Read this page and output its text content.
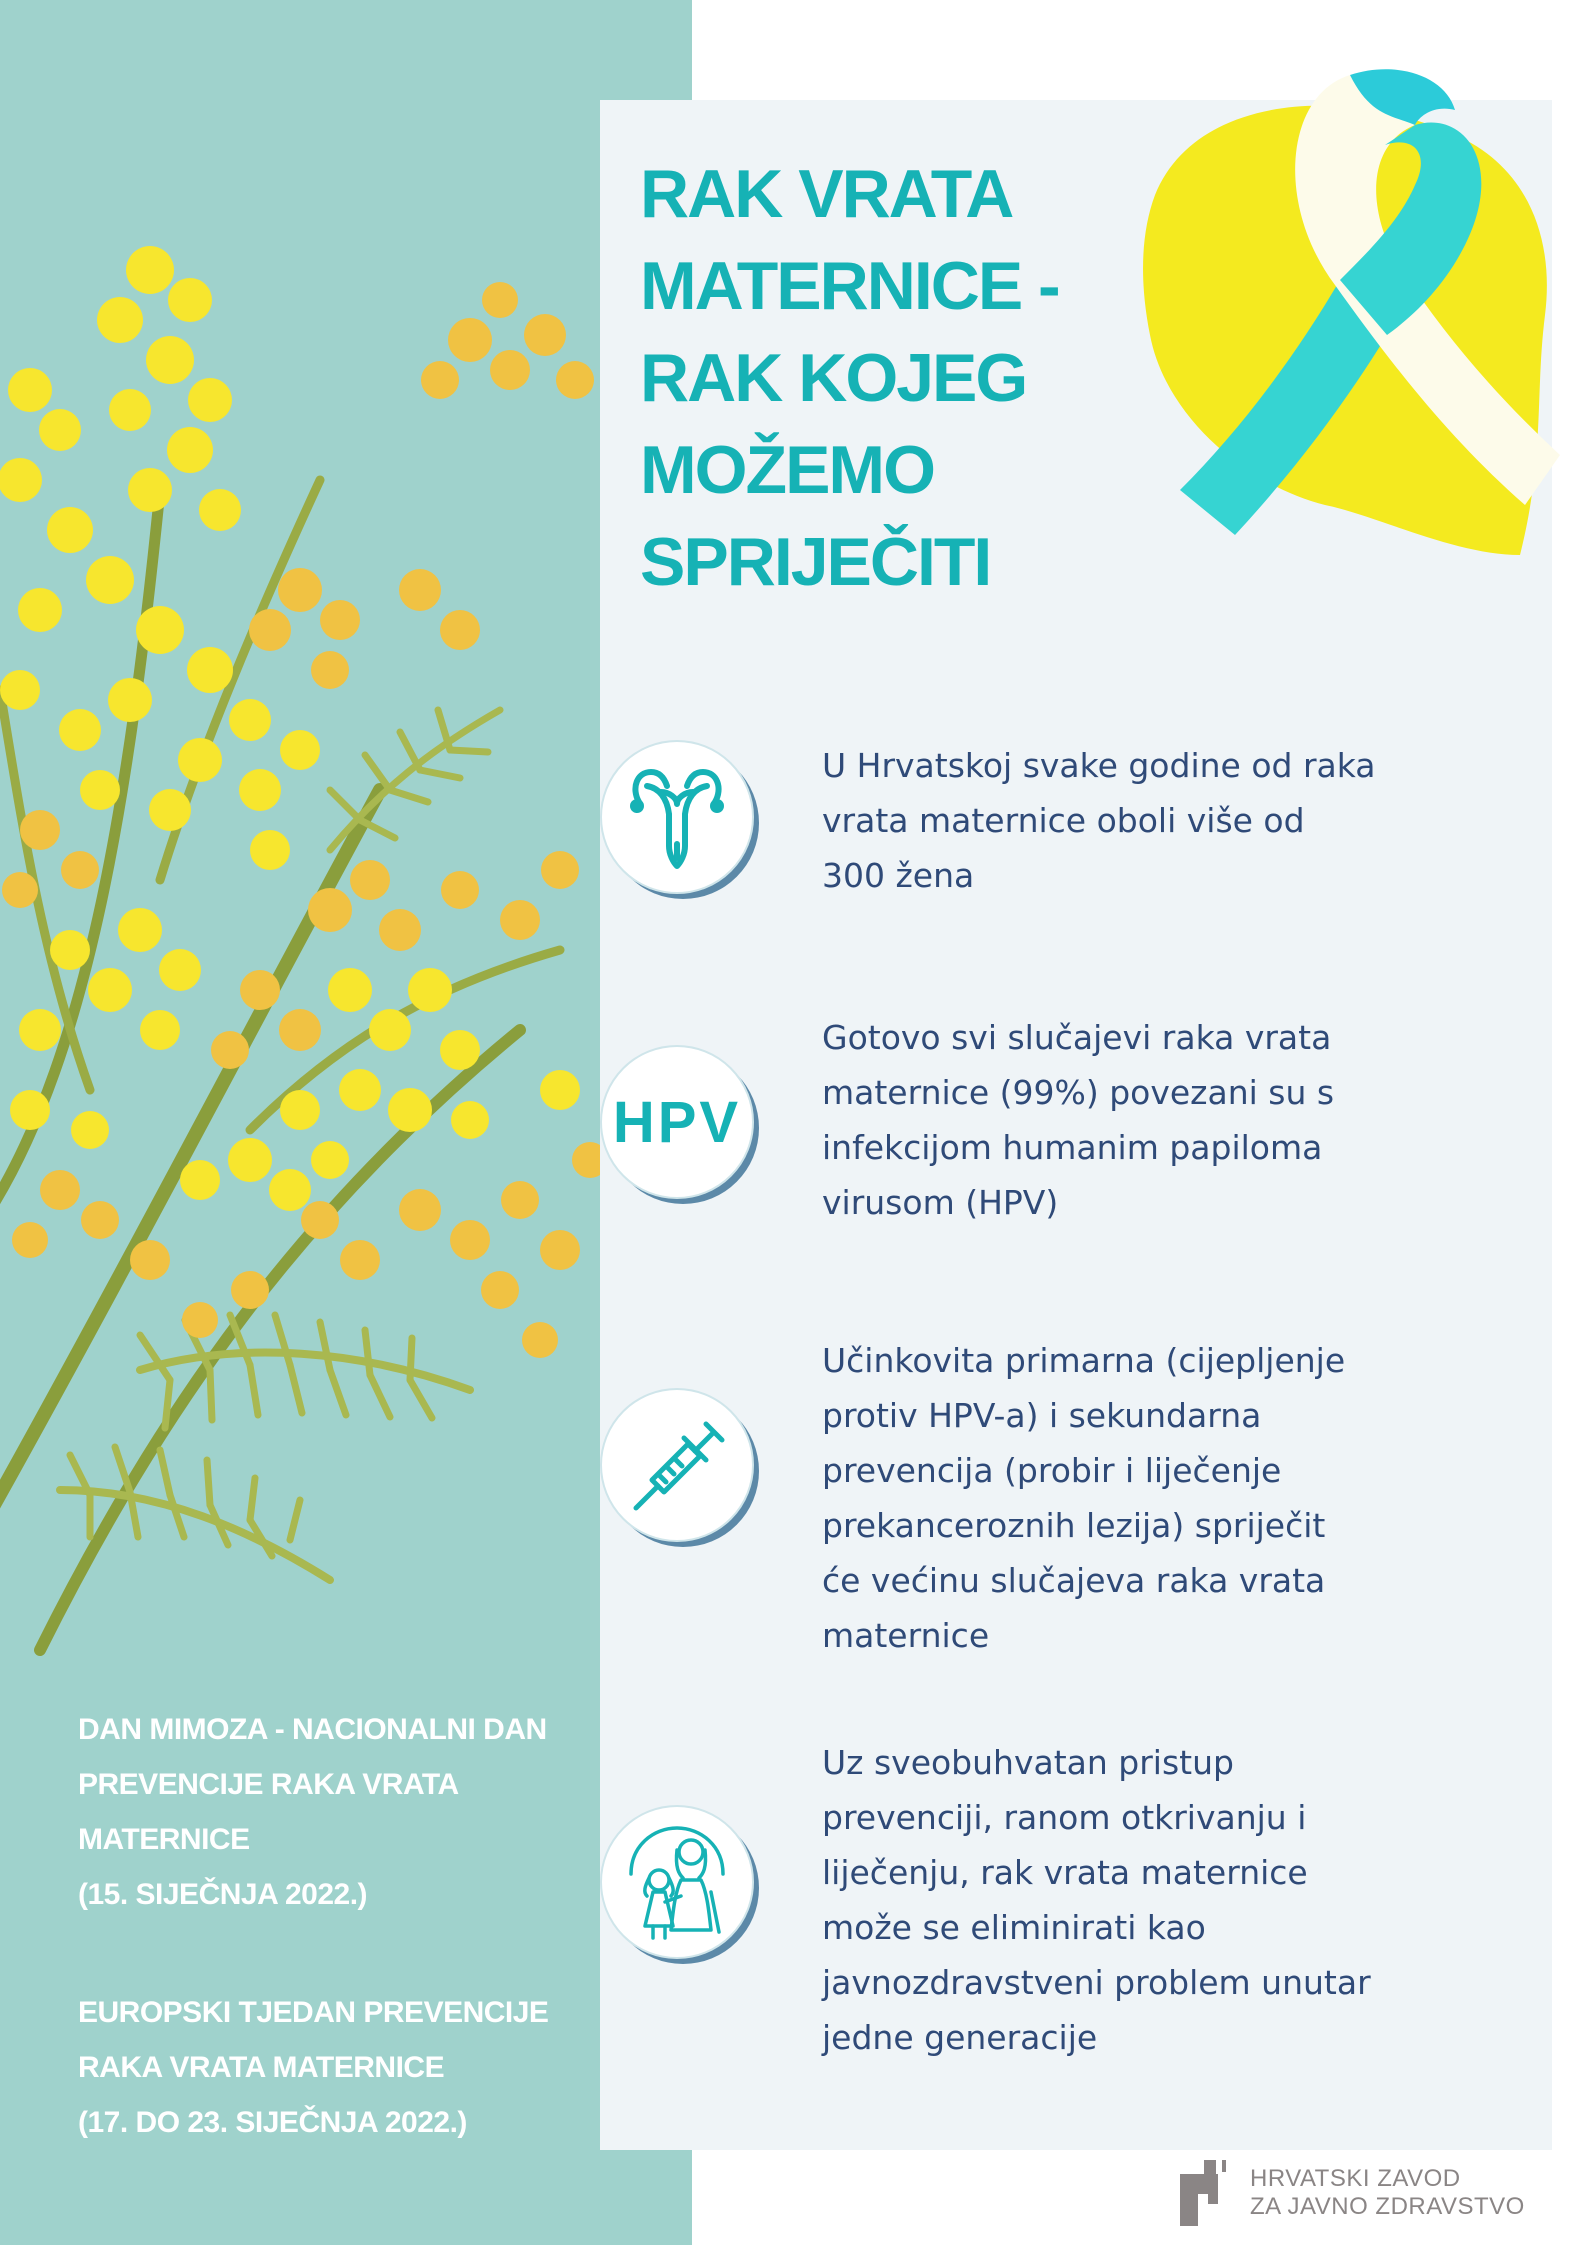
RAK VRATA
MATERNICE -
RAK KOJEG
MOŽEMO
SPRIJEČITI

U Hrvatskoj svake godine od raka
vrata maternice oboli više od
300 žena

HPV

Gotovo svi slučajevi raka vrata
maternice (99%) povezani su s
infekcijom humanim papiloma
virusom (HPV)

Učinkovita primarna (cijepljenje
protiv HPV-a) i sekundarna
prevencija (probir i liječenje
prekanceroznih lezija) spriječit
će većinu slučajeva raka vrata
maternice

Uz sveobuhvatan pristup
prevenciji, ranom otkrivanju i
liječenju, rak vrata maternice
može se eliminirati kao
javnozdravstveni problem unutar
jedne generacije

DAN MIMOZA - NACIONALNI DAN
PREVENCIJE RAKA VRATA
MATERNICE
(15. SIJEČNJA 2022.)

EUROPSKI TJEDAN PREVENCIJE
RAKA VRATA MATERNICE
(17. DO 23. SIJEČNJA 2022.)

HRVATSKI ZAVOD
ZA JAVNO ZDRAVSTVO
